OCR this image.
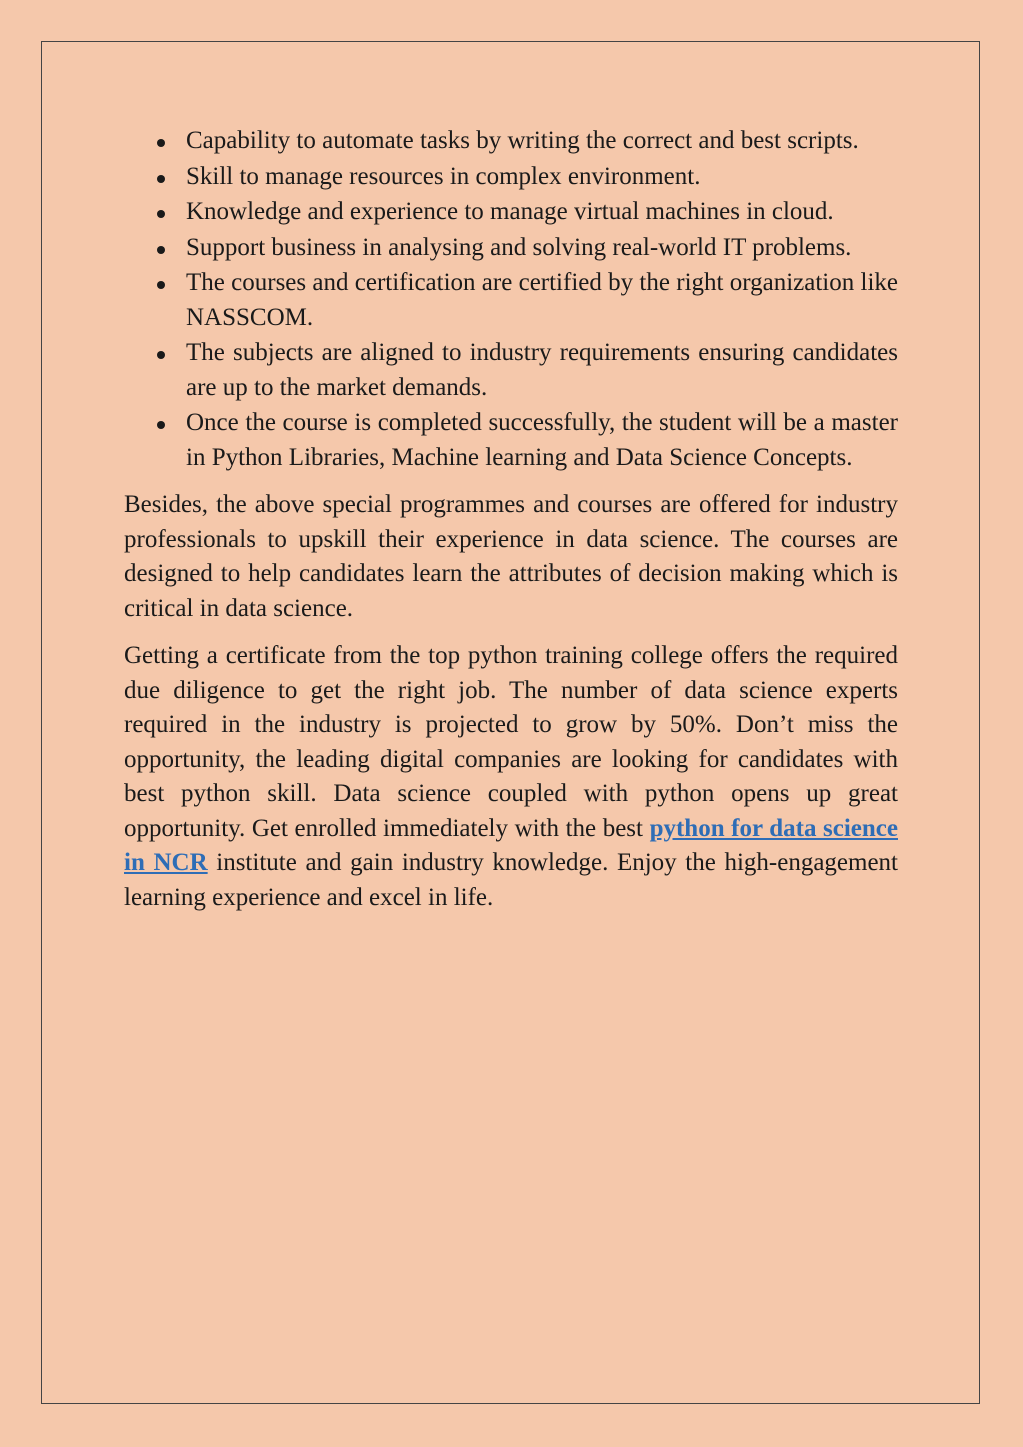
Capability to automate tasks by writing the correct and best scripts.
Skill to manage resources in complex environment.
Knowledge and experience to manage virtual machines in cloud.
Support business in analysing and solving real-world IT problems.
The courses and certification are certified by the right organization like NASSCOM.
The subjects are aligned to industry requirements ensuring candidates are up to the market demands.
Once the course is completed successfully, the student will be a master in Python Libraries, Machine learning and Data Science Concepts.

Besides, the above special programmes and courses are offered for industry professionals to upskill their experience in data science. The courses are designed to help candidates learn the attributes of decision making which is critical in data science.

Getting a certificate from the top python training college offers the required due diligence to get the right job. The number of data science experts required in the industry is projected to grow by 50%. Don’t miss the opportunity, the leading digital companies are looking for candidates with best python skill. Data science coupled with python opens up great opportunity. Get enrolled immediately with the best python for data science in NCR institute and gain industry knowledge. Enjoy the high-engagement learning experience and excel in life.
